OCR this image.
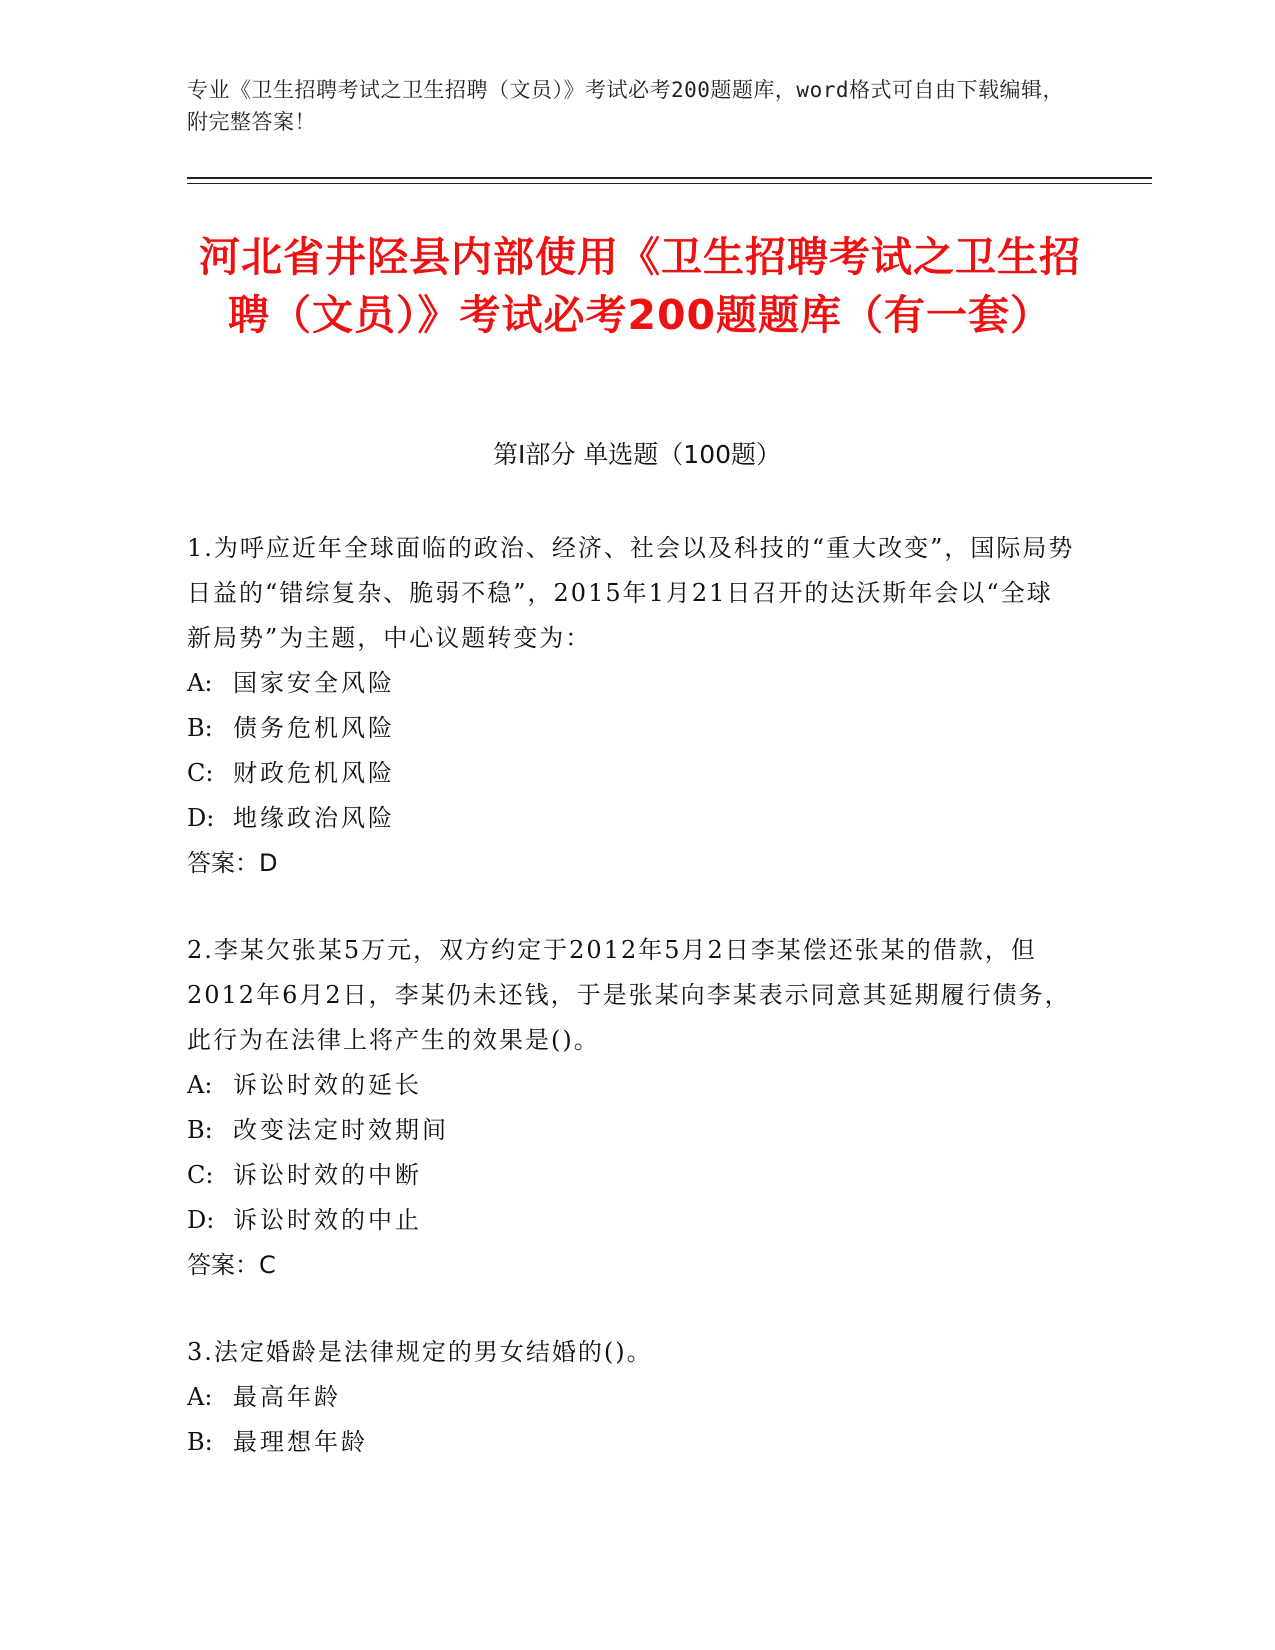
专业《卫生招聘考试之卫生招聘（文员）》考试必考200题题库，word格式可自由下载编辑，附完整答案！
河北省井陉县内部使用《卫生招聘考试之卫生招聘（文员）》考试必考200题题库（有一套）
第Ⅰ部分 单选题（100题）

1.为呼应近年全球面临的政治、经济、社会以及科技的“重大改变”，国际局势日益的“错综复杂、脆弱不稳”，2015年1月21日召开的达沃斯年会以“全球新局势”为主题，中心议题转变为：

A: 国家安全风险

B: 债务危机风险

C: 财政危机风险

D: 地缘政治风险

答案：D

2.李某欠张某5万元，双方约定于2012年5月2日李某偿还张某的借款，但2012年6月2日，李某仍未还钱，于是张某向李某表示同意其延期履行债务，此行为在法律上将产生的效果是()。

A: 诉讼时效的延长

B: 改变法定时效期间

C: 诉讼时效的中断

D: 诉讼时效的中止

答案：C

3.法定婚龄是法律规定的男女结婚的()。

A: 最高年龄

B: 最理想年龄
